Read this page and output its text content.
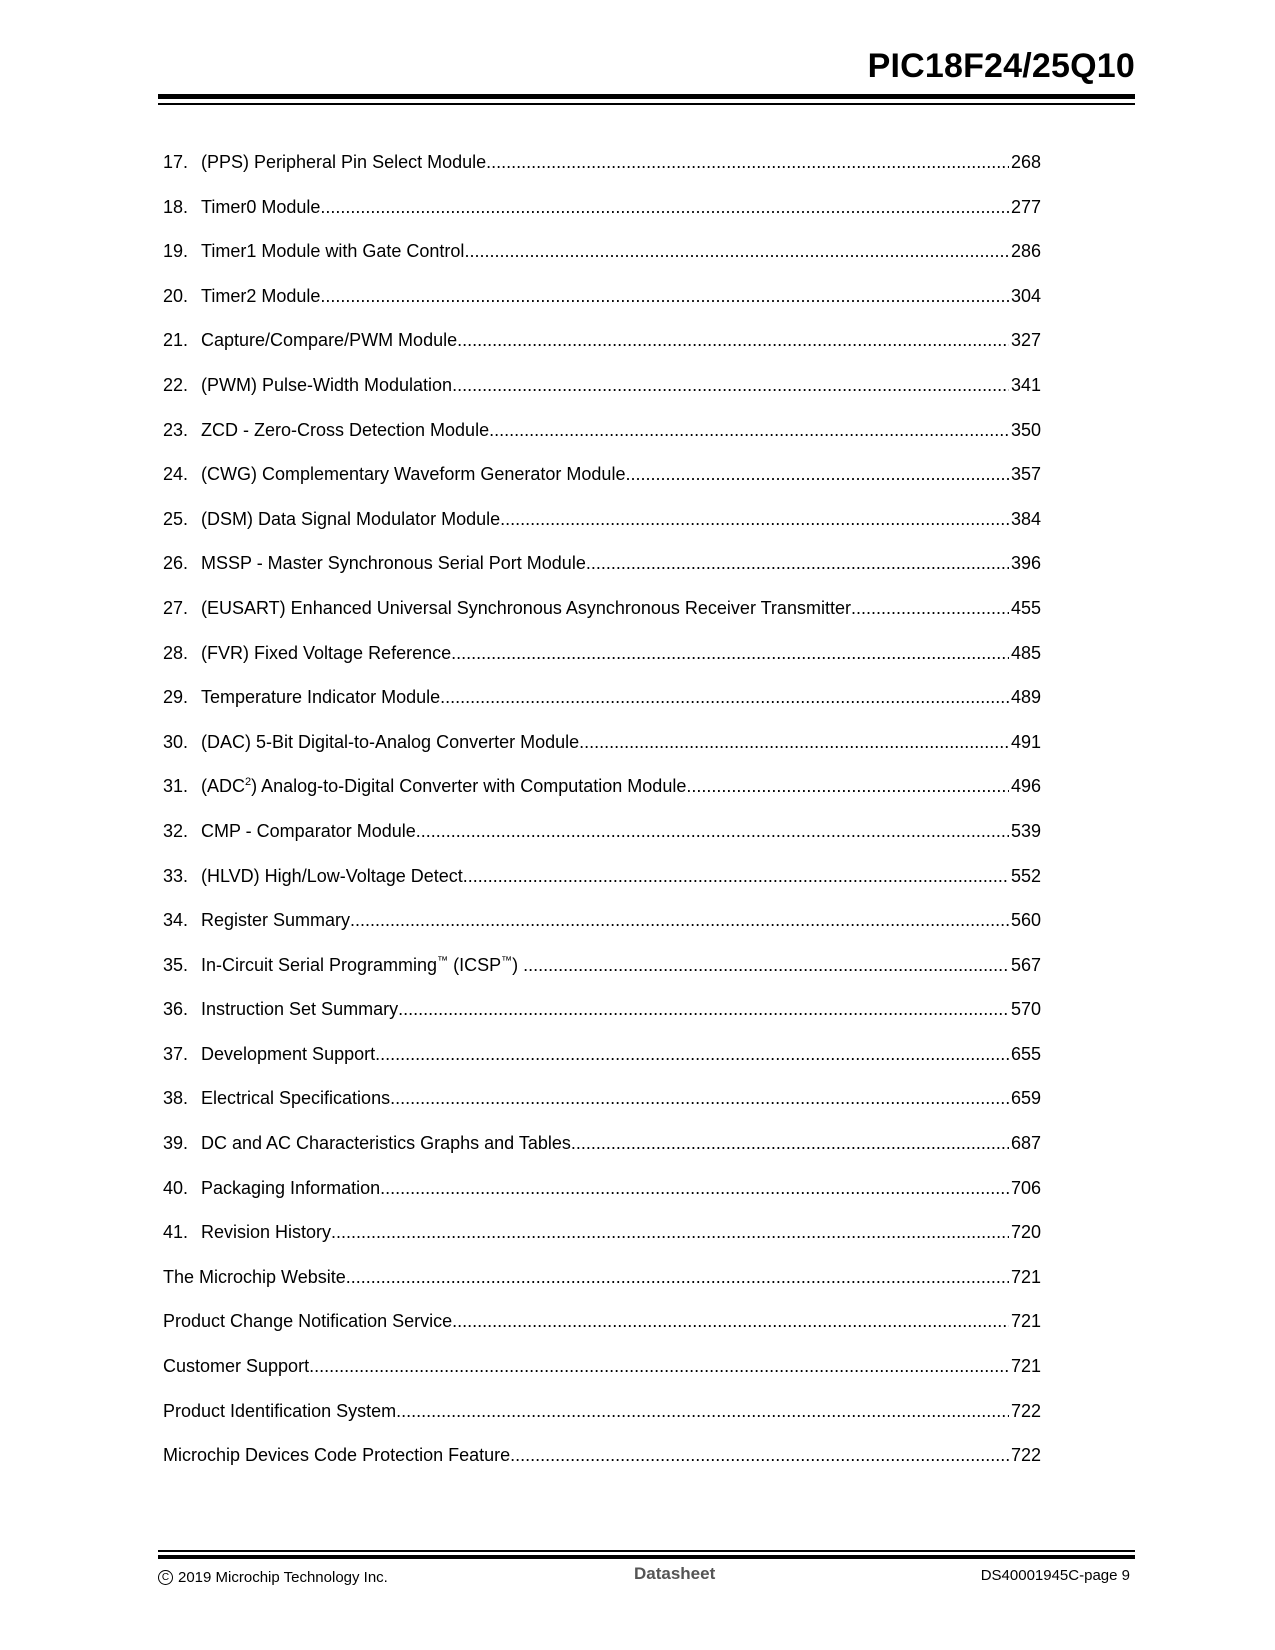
PIC18F24/25Q10
17. (PPS) Peripheral Pin Select Module .....	268
18. Timer0 Module .....	277
19. Timer1 Module with Gate Control .....	286
20. Timer2 Module .....	304
21. Capture/Compare/PWM Module .....	327
22. (PWM) Pulse-Width Modulation .....	341
23. ZCD - Zero-Cross Detection Module .....	350
24. (CWG) Complementary Waveform Generator Module .....	357
25. (DSM) Data Signal Modulator Module .....	384
26. MSSP - Master Synchronous Serial Port Module .....	396
27. (EUSART) Enhanced Universal Synchronous Asynchronous Receiver Transmitter .....	455
28. (FVR) Fixed Voltage Reference .....	485
29. Temperature Indicator Module .....	489
30. (DAC) 5-Bit Digital-to-Analog Converter Module .....	491
31. (ADC$^2$) Analog-to-Digital Converter with Computation Module .....	496
32. CMP - Comparator Module .....	539
33. (HLVD) High/Low-Voltage Detect .....	552
34. Register Summary .....	560
35. In-Circuit Serial Programming™ (ICSP™) .....	567
36. Instruction Set Summary .....	570
37. Development Support .....	655
38. Electrical Specifications .....	659
39. DC and AC Characteristics Graphs and Tables .....	687
40. Packaging Information .....	706
41. Revision History .....	720
The Microchip Website .....	721
Product Change Notification Service .....	721
Customer Support .....	721
Product Identification System .....	722
Microchip Devices Code Protection Feature .....	722
C 2019 Microchip Technology Inc.	Datasheet	DS40001945C-page 9
